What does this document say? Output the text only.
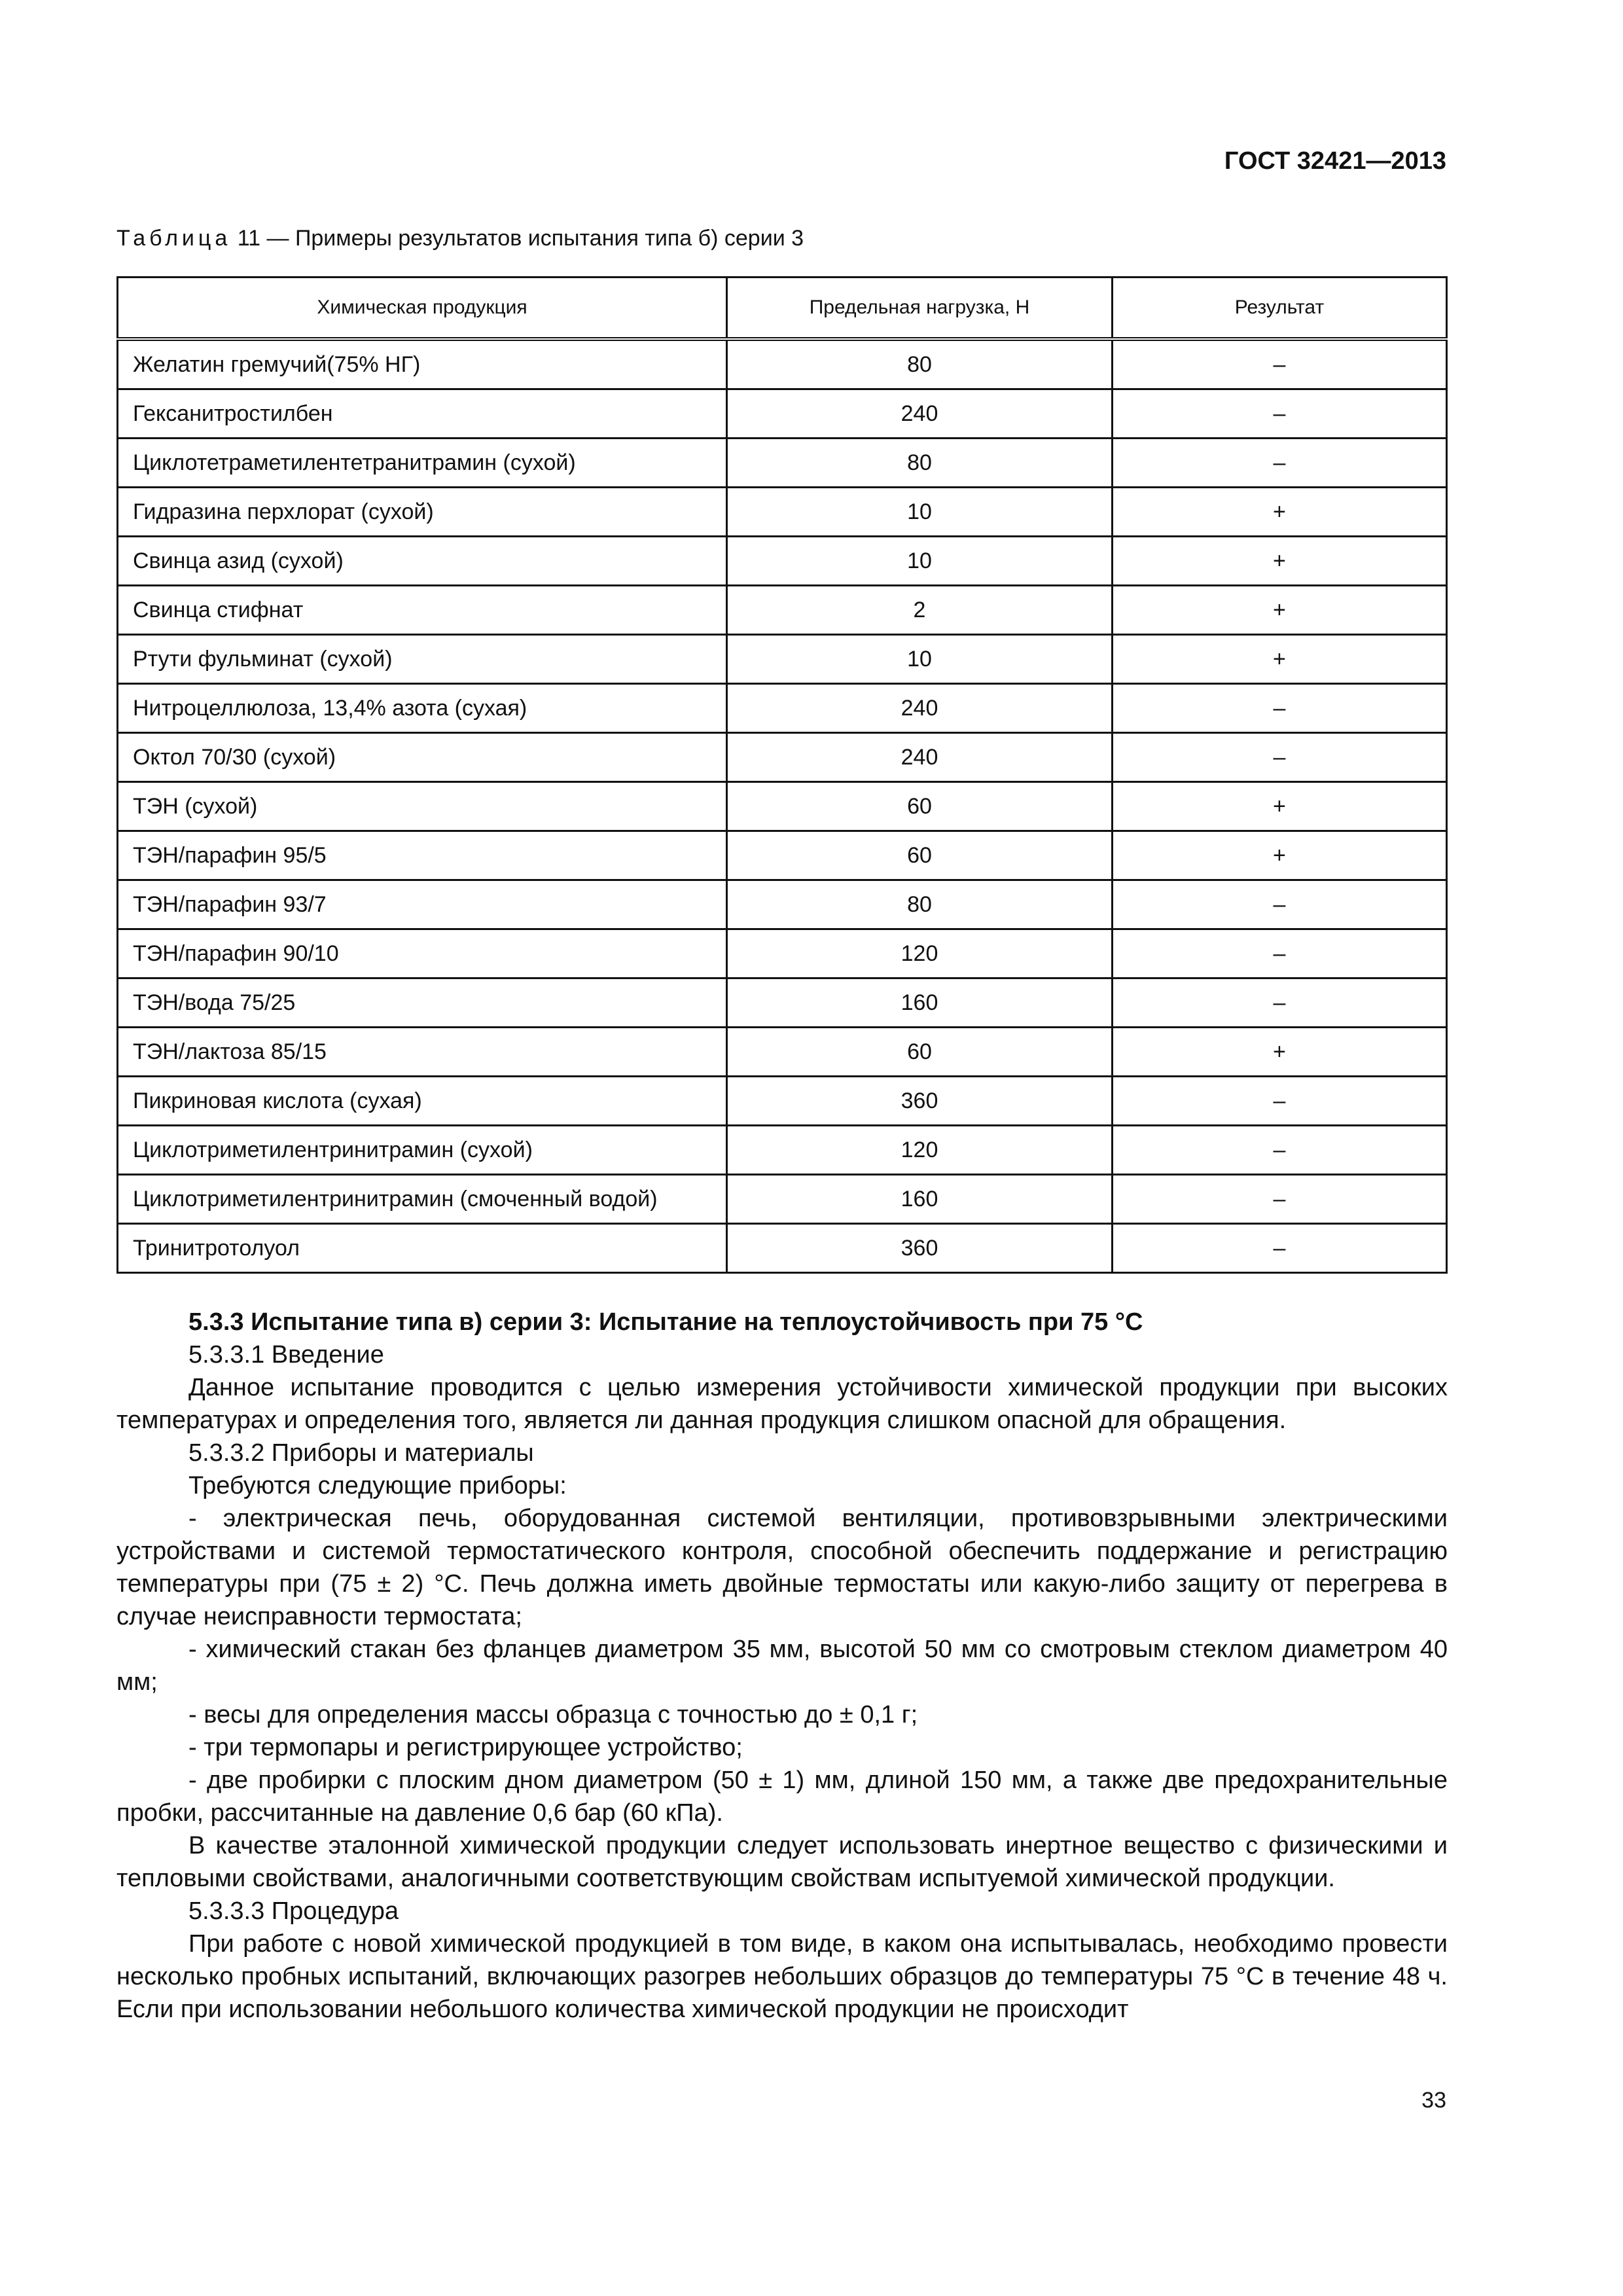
ГОСТ 32421—2013
Таблица 11 — Примеры результатов испытания типа б) серии 3
Химическая продукция	Предельная нагрузка, Н	Результат
Желатин гремучий(75% НГ)	80	–
Гексанитростилбен	240	–
Циклотетраметилентетранитрамин (сухой)	80	–
Гидразина перхлорат (сухой)	10	+
Свинца азид (сухой)	10	+
Свинца стифнат	2	+
Ртути фульминат (сухой)	10	+
Нитроцеллюлоза, 13,4% азота (сухая)	240	–
Октол 70/30 (сухой)	240	–
ТЭН (сухой)	60	+
ТЭН/парафин 95/5	60	+
ТЭН/парафин 93/7	80	–
ТЭН/парафин 90/10	120	–
ТЭН/вода 75/25	160	–
ТЭН/лактоза 85/15	60	+
Пикриновая кислота (сухая)	360	–
Циклотриметилентринитрамин (сухой)	120	–
Циклотриметилентринитрамин (смоченный водой)	160	–
Тринитротолуол	360	–

5.3.3 Испытание типа в) серии 3: Испытание на теплоустойчивость при 75 °С

5.3.3.1 Введение

Данное испытание проводится с целью измерения устойчивости химической продукции при высоких температурах и определения того, является ли данная продукция слишком опасной для обращения.

5.3.3.2 Приборы и материалы

Требуются следующие приборы:

- электрическая печь, оборудованная системой вентиляции, противовзрывными электрическими устройствами и системой термостатического контроля, способной обеспечить поддержание и регистрацию температуры при (75 ± 2) °С. Печь должна иметь двойные термостаты или какую-либо защиту от перегрева в случае неисправности термостата;

- химический стакан без фланцев диаметром 35 мм, высотой 50 мм со смотровым стеклом диаметром 40 мм;

- весы для определения массы образца с точностью до ± 0,1 г;

- три термопары и регистрирующее устройство;

- две пробирки с плоским дном диаметром (50 ± 1) мм, длиной 150 мм, а также две предохранительные пробки, рассчитанные на давление 0,6 бар (60 кПа).

В качестве эталонной химической продукции следует использовать инертное вещество с физическими и тепловыми свойствами, аналогичными соответствующим свойствам испытуемой химической продукции.

5.3.3.3 Процедура

При работе с новой химической продукцией в том виде, в каком она испытывалась, необходимо провести несколько пробных испытаний, включающих разогрев небольших образцов до температуры 75 °С в течение 48 ч. Если при использовании небольшого количества химической продукции не происходит

33
